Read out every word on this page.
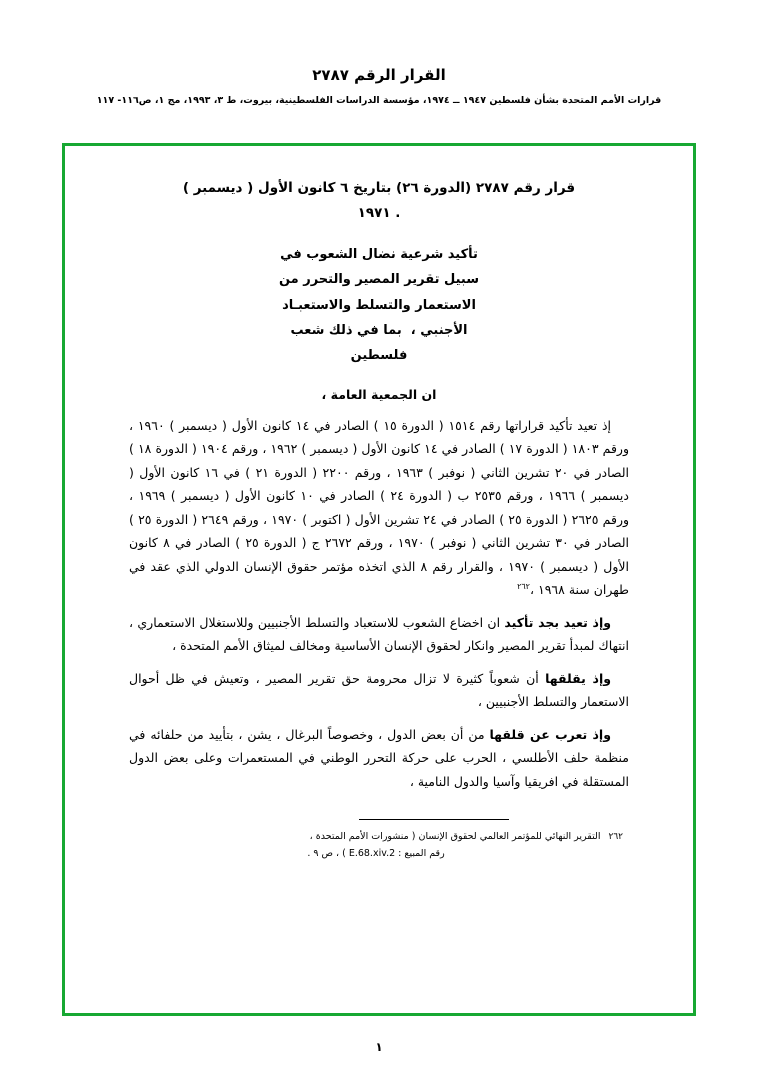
القرار الرقم ٢٧٨٧
قرارات الأمم المتحدة بشأن فلسطين ١٩٤٧ ــ ١٩٧٤، مؤسسة الدراسات الفلسطينية، بيروت، ط ٣، ١٩٩٣، مج ١، ص١١٦- ١١٧
قرار رقم ٢٧٨٧ (الدورة ٢٦) بتاريخ ٦ كانون الأول ( ديسمبر )
. ١٩٧١
تأكيد شرعية نضال الشعوب في
سبيل تقرير المصير والتحرر من
الاستعمار والتسلط والاستعبـاد
الأجنبي ،  بما في ذلك شعب
فلسطين
ان الجمعية العامة ،
إذ تعيد تأكيد قراراتها رقم ١٥١٤ ( الدورة ١٥ ) الصادر في ١٤ كانون الأول ( ديسمبر ) ١٩٦٠ ، ورقم ١٨٠٣ ( الدورة ١٧ ) الصادر في ١٤ كانون الأول ( ديسمبر ) ١٩٦٢ ، ورقم ١٩٠٤ ( الدورة ١٨ ) الصادر في ٢٠ تشرين الثاني ( نوفبر ) ١٩٦٣ ، ورقم ٢٢٠٠ ( الدورة ٢١ ) في ١٦ كانون الأول ( ديسمبر ) ١٩٦٦ ، ورقم ٢٥٣٥ ب ( الدورة ٢٤ ) الصادر في ١٠ كانون الأول ( ديسمبر ) ١٩٦٩ ، ورقم ٢٦٢٥ ( الدورة ٢٥ ) الصادر في ٢٤ تشرين الأول ( اكتوبر ) ١٩٧٠ ، ورقم ٢٦٤٩ ( الدورة ٢٥ ) الصادر في ٣٠ تشرين الثاني ( نوفبر ) ١٩٧٠ ، ورقم ٢٦٧٢ ج ( الدورة ٢٥ ) الصادر في ٨ كانون الأول ( ديسمبر ) ١٩٧٠ ، والقرار رقم ٨ الذي اتخذه مؤتمر حقوق الإنسان الدولي الذي عقد في طهران سنة ١٩٦٨ ،$^{٢٦٢}$
وإذ تعيد بجد تأكيد ان اخضاع الشعوب للاستعباد والتسلط الأجنبيين وللاستغلال الاستعماري ، انتهاك لمبدأ تقرير المصير وانكار لحقوق الإنسان الأساسية ومخالف لميثاق الأمم المتحدة ،
وإذ يقلقها أن شعوباً كثيرة لا تزال محرومة حق تقرير المصير ، وتعيش في ظل أحوال الاستعمار والتسلط الأجنبيين ،
وإذ تعرب عن قلقها من أن بعض الدول ، وخصوصاً البرغال ، يشن ، بتأييد من حلفائه في منظمة حلف الأطلسي ، الحرب على حركة التحرر الوطني في المستعمرات وعلى بعض الدول المستقلة في افريقيا وآسيا والدول النامية ،
٢٦٢التقرير النهائي للمؤتمر العالمي لحقوق الإنسان ( منشورات الأمم المتحدة ،
رقم المبيع : E.68.xiv.2 ) ، ص ٩ .
١
